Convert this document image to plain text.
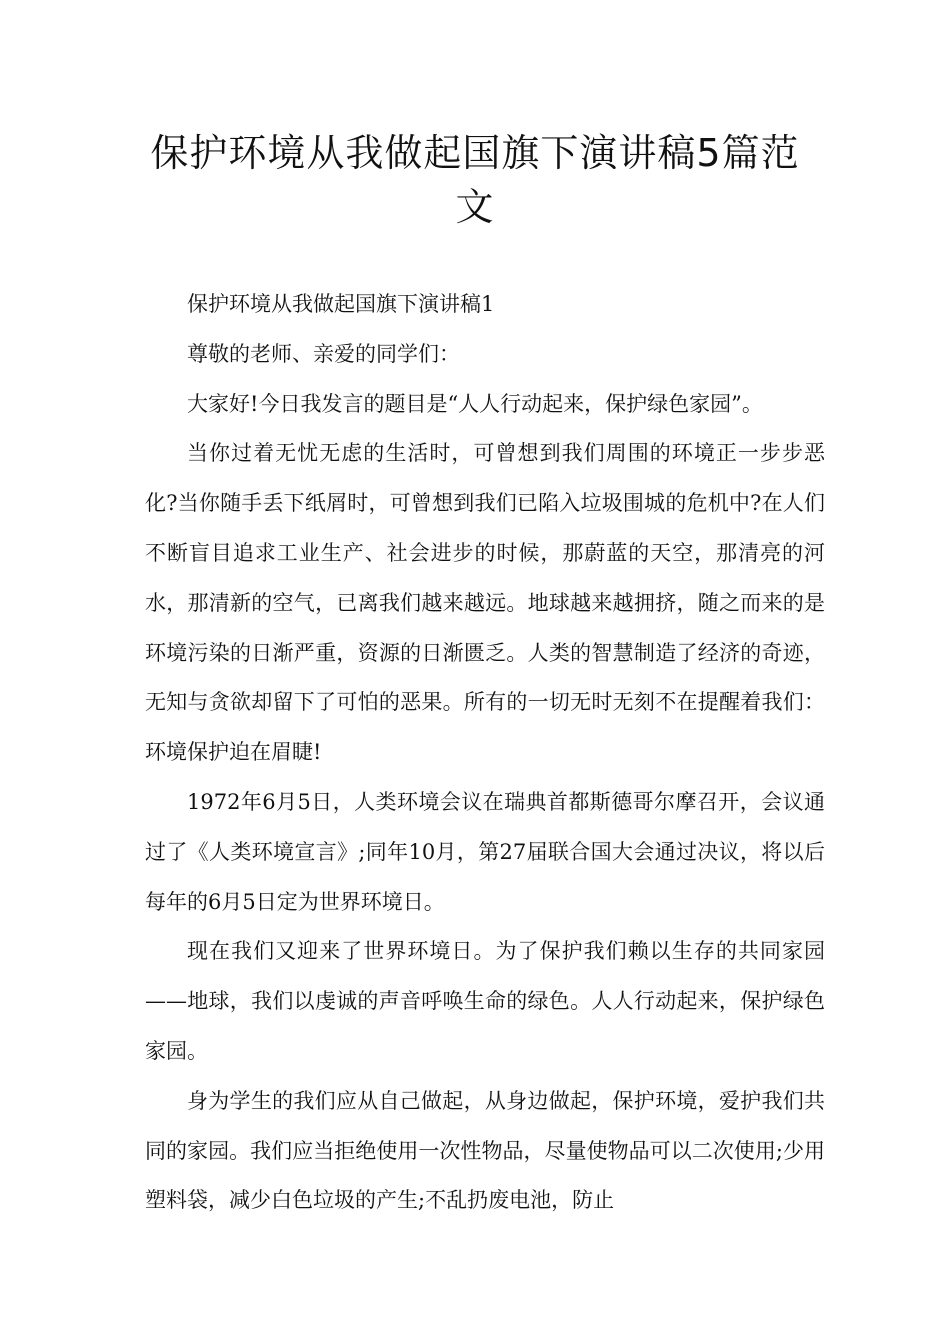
保护环境从我做起国旗下演讲稿5篇范文

保护环境从我做起国旗下演讲稿1

尊敬的老师、亲爱的同学们：

大家好!今日我发言的题目是“人人行动起来，保护绿色家园”。

当你过着无忧无虑的生活时，可曾想到我们周围的环境正一步步恶化?当你随手丢下纸屑时，可曾想到我们已陷入垃圾围城的危机中?在人们不断盲目追求工业生产、社会进步的时候，那蔚蓝的天空，那清亮的河水，那清新的空气，已离我们越来越远。地球越来越拥挤，随之而来的是环境污染的日渐严重，资源的日渐匮乏。人类的智慧制造了经济的奇迹，无知与贪欲却留下了可怕的恶果。所有的一切无时无刻不在提醒着我们：环境保护迫在眉睫!

1972年6月5日，人类环境会议在瑞典首都斯德哥尔摩召开，会议通过了《人类环境宣言》;同年10月，第27届联合国大会通过决议，将以后每年的6月5日定为世界环境日。

现在我们又迎来了世界环境日。为了保护我们赖以生存的共同家园——地球，我们以虔诚的声音呼唤生命的绿色。人人行动起来，保护绿色家园。

身为学生的我们应从自己做起，从身边做起，保护环境，爱护我们共同的家园。我们应当拒绝使用一次性物品，尽量使物品可以二次使用;少用塑料袋，减少白色垃圾的产生;不乱扔废电池，防止
